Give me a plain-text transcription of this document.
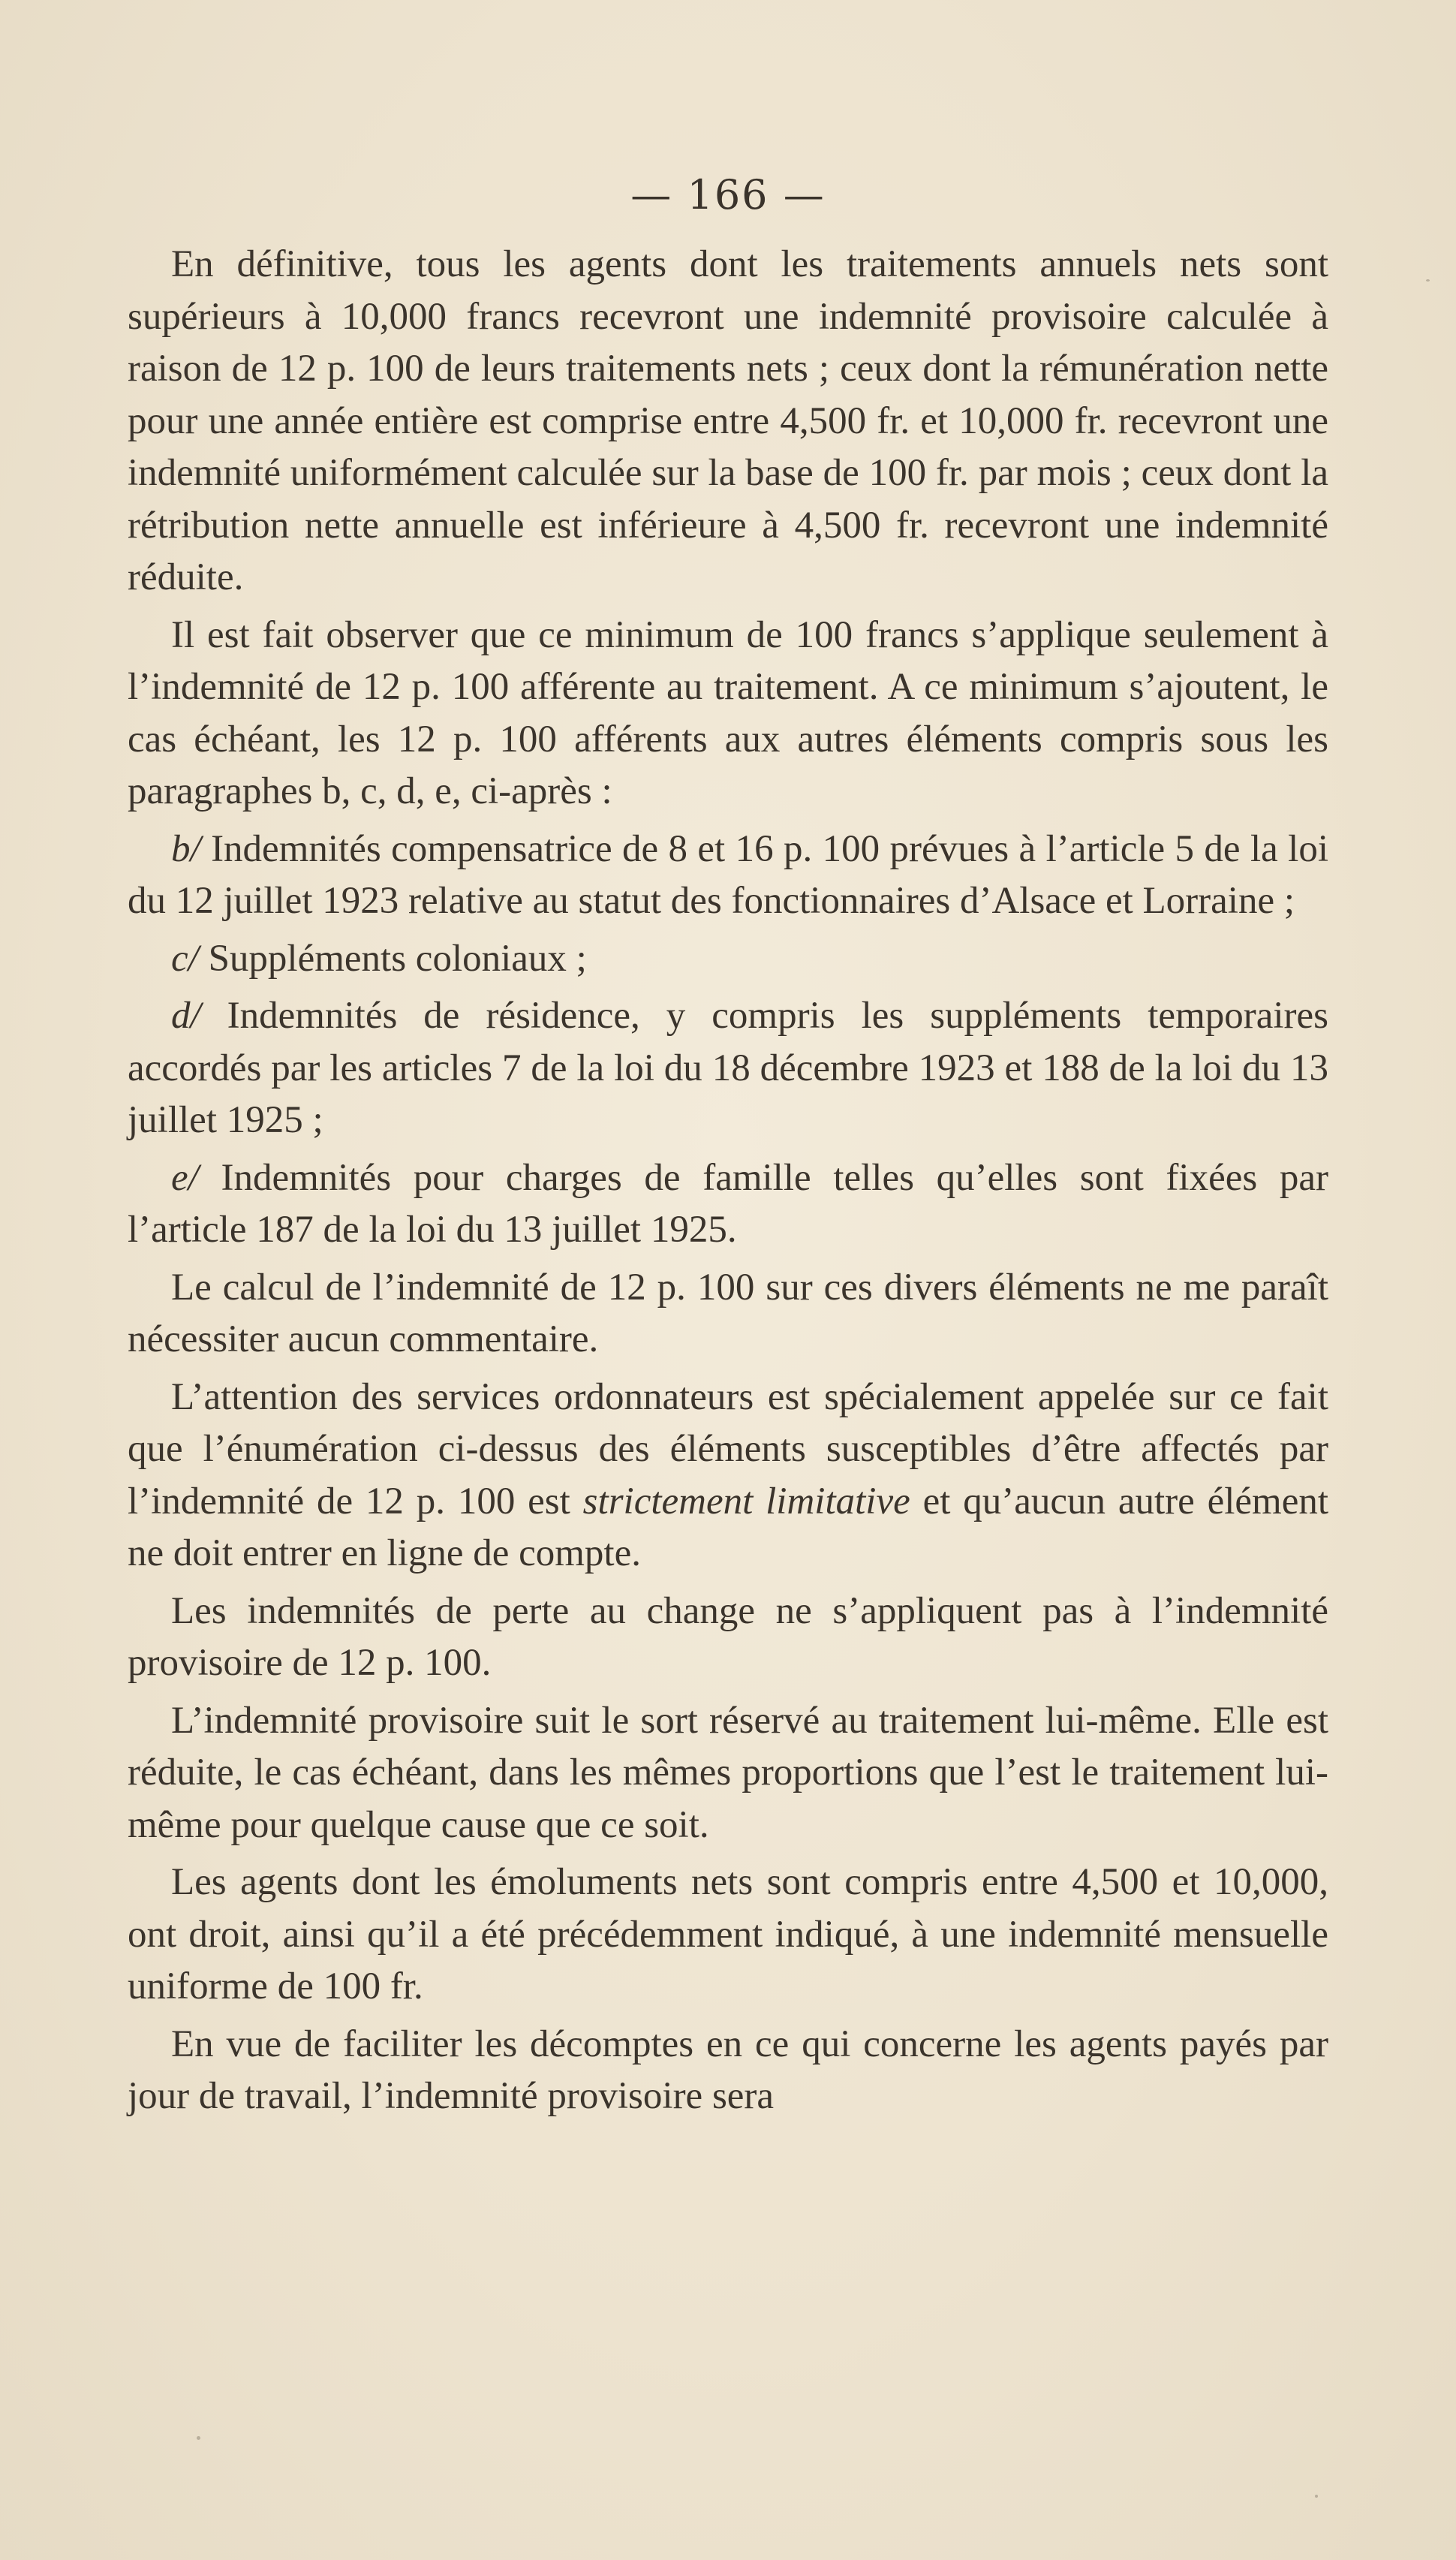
— 166 —

En définitive, tous les agents dont les traitements annuels nets sont supérieurs à 10,000 francs recevront une indemnité provisoire calculée à raison de 12 p. 100 de leurs traitements nets ; ceux dont la rémunération nette pour une année entière est comprise entre 4,500 fr. et 10,000 fr. recevront une indemnité uniformément calculée sur la base de 100 fr. par mois ; ceux dont la rétribution nette annuelle est inférieure à 4,500 fr. recevront une indemnité réduite.

Il est fait observer que ce minimum de 100 francs s’applique seulement à l’indemnité de 12 p. 100 afférente au traitement. A ce minimum s’ajoutent, le cas échéant, les 12 p. 100 afférents aux autres éléments compris sous les paragraphes b, c, d, e, ci-après :

b/ Indemnités compensatrice de 8 et 16 p. 100 prévues à l’article 5 de la loi du 12 juillet 1923 relative au statut des fonctionnaires d’Alsace et Lorraine ;

c/ Suppléments coloniaux ;

d/ Indemnités de résidence, y compris les suppléments temporaires accordés par les articles 7 de la loi du 18 décembre 1923 et 188 de la loi du 13 juillet 1925 ;

e/ Indemnités pour charges de famille telles qu’elles sont fixées par l’article 187 de la loi du 13 juillet 1925.

Le calcul de l’indemnité de 12 p. 100 sur ces divers éléments ne me paraît nécessiter aucun commentaire.

L’attention des services ordonnateurs est spécialement appelée sur ce fait que l’énumération ci-dessus des éléments susceptibles d’être affectés par l’indemnité de 12 p. 100 est strictement limitative et qu’aucun autre élément ne doit entrer en ligne de compte.

Les indemnités de perte au change ne s’appliquent pas à l’indemnité provisoire de 12 p. 100.

L’indemnité provisoire suit le sort réservé au traitement lui-même. Elle est réduite, le cas échéant, dans les mêmes proportions que l’est le traitement lui-même pour quelque cause que ce soit.

Les agents dont les émoluments nets sont compris entre 4,500 et 10,000, ont droit, ainsi qu’il a été précédemment indiqué, à une indemnité mensuelle uniforme de 100 fr.

En vue de faciliter les décomptes en ce qui concerne les agents payés par jour de travail, l’indemnité provisoire sera
